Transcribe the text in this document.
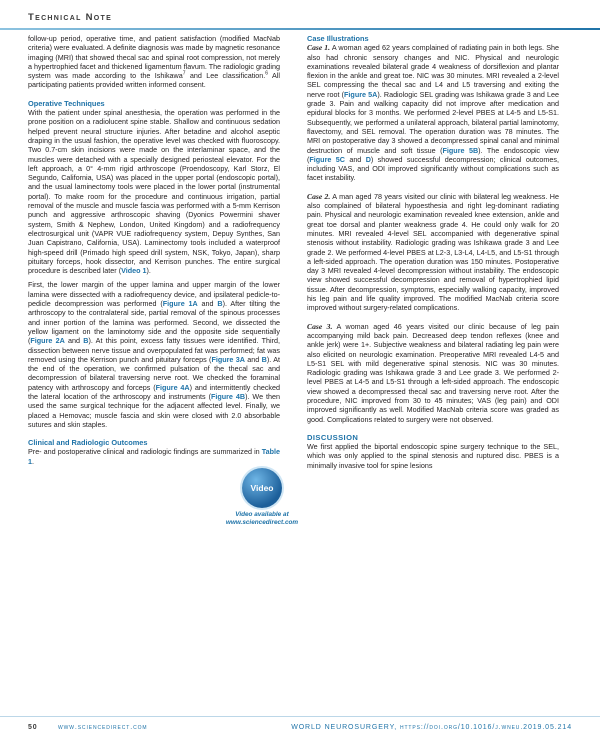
Technical Note

follow-up period, operative time, and patient satisfaction (modified MacNab criteria) were evaluated. A definite diagnosis was made by magnetic resonance imaging (MRI) that showed thecal sac and spinal root compression, not merely a hypertrophied facet and thickened ligamentum flavum. The radiologic grading system was made according to the Ishikawa$^7$ and Lee classification.$^6$ All participating patients provided written informed consent.

Operative Techniques

With the patient under spinal anesthesia, the operation was performed in the prone position on a radiolucent spine stable. Shallow and continuous sedation helped prevent neural structure injuries. After betadine and alcohol aseptic draping in the usual fashion, the operative level was checked with fluoroscopy. Two 0.7-cm skin incisions were made on the interlaminar space, and the muscles were detached with a specially designed periosteal elevator. For the left approach, a 0° 4-mm rigid arthroscope (Proendoscopy, Karl Storz, El Segundo, California, USA) was placed in the upper portal (endoscopic portal), and the usual laminectomy tools were placed in the lower portal (instrumental portal). To make room for the procedure and continuous irrigation, partial removal of the muscle and muscle fascia was performed with a 5-mm Kerrison punch and aggressive arthroscopic shaving (Dyonics Powermini shaver system, Smith & Nephew, London, United Kingdom) and a radiofrequency electrosurgical unit (VAPR VUE radiofrequency system, Depuy Synthes, San Juan Capistrano, California, USA). Laminectomy tools included a waterproof high-speed drill (Primado high speed drill system, NSK, Tokyo, Japan), sharp pituitary forceps, hook dissector, and Kerrison punches. The entire surgical procedure is described later (Video 1).

First, the lower margin of the upper lamina and upper margin of the lower lamina were dissected with a radiofrequency device, and ipsilateral pedicle-to-pedicle decompression was performed (Figure 1A and B). After tilting the arthroscopy to the contralateral side, partial removal of the spinous processes and inner portion of the lamina was performed. Second, we dissected the yellow ligament on the laminotomy side and the opposite side sequentially (Figure 2A and B). At this point, excess fatty tissues were identified. Third, dissection between nerve tissue and overpopulated fat was performed; fat was removed using the Kerrison punch and pituitary forceps (Figure 3A and B). At the end of the operation, we confirmed pulsation of the thecal sac and decompression of bilateral traversing nerve root. We checked the foraminal patency with arthroscopy and forceps (Figure 4A) and intermittently checked the lateral location of the arthroscopy and instruments (Figure 4B). We then used the same surgical technique for the adjacent affected level. Finally, we placed a Hemovac; muscle fascia and skin were closed with 2.0 absorbable sutures and skin staples.

Clinical and Radiologic Outcomes

Pre- and postoperative clinical and radiologic findings are summarized in Table 1.

Video
Video available at
www.sciencedirect.com

Case Illustrations

Case 1. A woman aged 62 years complained of radiating pain in both legs. She also had chronic sensory changes and NIC. Physical and neurologic examinations revealed bilateral grade 4 weakness of dorsiflexion and plantar flexion in the ankle and great toe. NIC was 30 minutes. MRI revealed a 2-level SEL compressing the thecal sac and L4 and L5 traversing and exiting the nerve root (Figure 5A). Radiologic SEL grading was Ishikawa grade 3 and Lee grade 3. Pain and walking capacity did not improve after medication and epidural blocks for 3 months. We performed 2-level PBES at L4-5 and L5-S1. Subsequently, we performed a unilateral approach, bilateral partial laminotomy, flavectomy, and SEL removal. The operation duration was 78 minutes. The MRI on postoperative day 3 showed a decompressed spinal canal and minimal destruction of muscle and soft tissue (Figure 5B). The endoscopic view (Figure 5C and D) showed successful decompression; clinical outcomes, including VAS, and ODI improved significantly without complications such as facet instability.

Case 2. A man aged 78 years visited our clinic with bilateral leg weakness. He also complained of bilateral hypoesthesia and right leg-dominant radiating pain. Physical and neurologic examination revealed knee extension, ankle and great toe dorsal and planter weakness grade 4. He could only walk for 20 minutes. MRI revealed 4-level SEL accompanied with degenerative spinal stenosis without instability. Radiologic grading was Ishikawa grade 3 and Lee grade 2. We performed 4-level PBES at L2-3, L3-L4, L4-L5, and L5-S1 through a left-sided approach. The operation duration was 150 minutes. Postoperative day 3 MRI revealed 4-level decompression without instability. The endoscopic view showed successful decompression and removal of hypertrophied lipid tissue. After decompression, symptoms, especially walking capacity, improved his leg pain and life quality improved. The modified MacNab criteria score improved without surgery-related complications.

Case 3. A woman aged 46 years visited our clinic because of leg pain accompanying mild back pain. Decreased deep tendon reflexes (knee and ankle jerk) were 1+. Subjective weakness and bilateral radiating leg pain were also elicited on neurologic examination. Preoperative MRI revealed L4-5 and L5-S1 SEL with mild degenerative spinal stenosis. NIC was 30 minutes. Radiologic grading was Ishikawa grade 3 and Lee grade 3. We performed 2-level PBES at L4-5 and L5-S1 through a left-sided approach. The endoscopic view showed a decompressed thecal sac and traversing nerve root. After the procedure, NIC improved from 30 to 45 minutes; VAS (leg pain) and ODI improved significantly as well. Modified MacNab criteria score was graded as good. Complications related to surgery were not observed.

DISCUSSION

We first applied the biportal endoscopic spine surgery technique to the SEL, which was only applied to the spinal stenosis and ruptured disc. PBES is a minimally invasive tool for spine lesions

50	www.sciencedirect.com	WORLD NEUROSURGERY, https://doi.org/10.1016/j.wneu.2019.05.214
